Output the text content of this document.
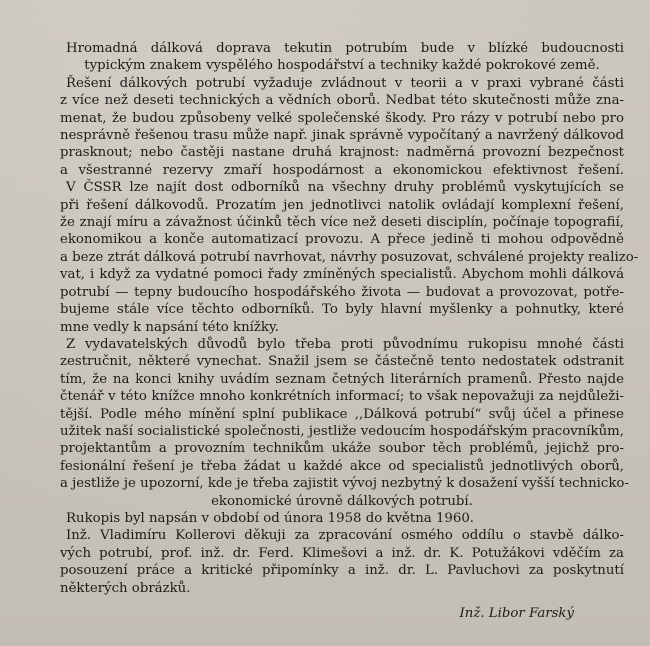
Hromadná dálková doprava tekutin potrubím bude v blízké budoucnosti
typickým znakem vyspělého hospodářství a techniky každé pokrokové země.
Řešení dálkových potrubí vyžaduje zvládnout v teorii a v praxi vybrané části
z více než deseti technických a vědních oborů. Nedbat této skutečnosti může zna-
menat, že budou způsobeny velké společenské škody. Pro rázy v potrubí nebo pro
nesprávně řešenou trasu může např. jinak správně vypočítaný a navržený dálkovod
prasknout; nebo častěji nastane druhá krajnost: nadměrná provozní bezpečnost
a všestranné rezervy zmaří hospodárnost a ekonomickou efektivnost řešení.
V ČSSR lze najít dost odborníků na všechny druhy problémů vyskytujících se
při řešení dálkovodů. Prozatím jen jednotlivci natolik ovládají komplexní řešení,
že znají míru a závažnost účinků těch více než deseti disciplín, počínaje topografií,
ekonomikou a konče automatizací provozu. A přece jedině ti mohou odpovědně
a beze ztrát dálková potrubí navrhovat, návrhy posuzovat, schválené projekty realizo-
vat, i když za vydatné pomoci řady zmíněných specialistů. Abychom mohli dálková
potrubí — tepny budoucího hospodářského života — budovat a provozovat, potře-
bujeme stále více těchto odborníků. To byly hlavní myšlenky a pohnutky, které
mne vedly k napsání této knížky.
Z vydavatelských důvodů bylo třeba proti původnímu rukopisu mnohé části
zestručnit, některé vynechat. Snažil jsem se částečně tento nedostatek odstranit
tím, že na konci knihy uvádím seznam četných literárních pramenů. Přesto najde
čtenář v této knížce mnoho konkrétních informací; to však nepovažuji za nejdůleži-
tější. Podle mého mínění splní publikace ,,Dálková potrubí“ svůj účel a přinese
užitek naší socialistické společnosti, jestliže vedoucím hospodářským pracovníkům,
projektantům a provozním technikům ukáže soubor těch problémů, jejichž pro-
fesionální řešení je třeba žádat u každé akce od specialistů jednotlivých oborů,
a jestliže je upozorní, kde je třeba zajistit vývoj nezbytný k dosažení vyšší technicko-
ekonomické úrovně dálkových potrubí.
Rukopis byl napsán v období od února 1958 do května 1960.
Inž. Vladimíru Kollerovi děkuji za zpracování osmého oddílu o stavbě dálko-
vých potrubí, prof. inž. dr. Ferd. Klimešovi a inž. dr. K. Potužákovi vděčím za
posouzení práce a kritické připomínky a inž. dr. L. Pavluchovi za poskytnutí
některých obrázků.
Inž. Libor Farský
